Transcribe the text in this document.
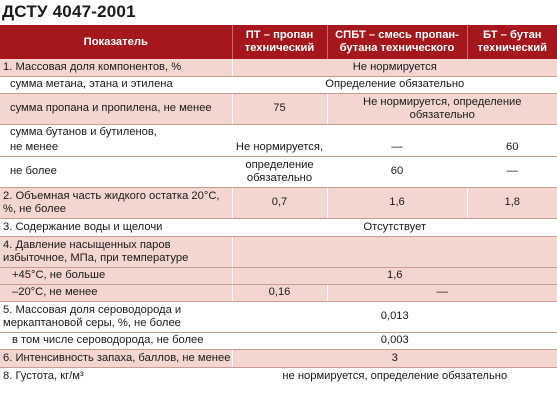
ДСТУ 4047-2001
Показатель	ПТ – пропан технический	СПБТ – смесь пропан-бутана технического	БТ – бутан технический
1. Массовая доля компонентов, %	Не нормируется		
сумма метана, этана и этилена	Определение обязательно		
сумма пропана и пропилена, не менее	75	Не нормируется, определение обязательно	
сумма бутанов и бутиленов,			
не менее	Не нормируется,	—	60
не более	определение обязательно	60	—
2. Объемная часть жидкого остатка 20°С, %, не более	0,7	1,6	1,8
3. Содержание воды и щелочи	Отсутствует		
4. Давление насыщенных паров избыточное, МПа, при температуре			
+45°С, не больше	1,6		
–20°С, не менее	0,16	—	
5. Массовая доля сероводорода и меркаптановой серы, %, не более	0,013		
в том числе сероводорода, не более	0,003		
6. Интенсивность запаха, баллов, не менее	3		
8. Густота, кг/м³	не нормируется, определение обязательно		
